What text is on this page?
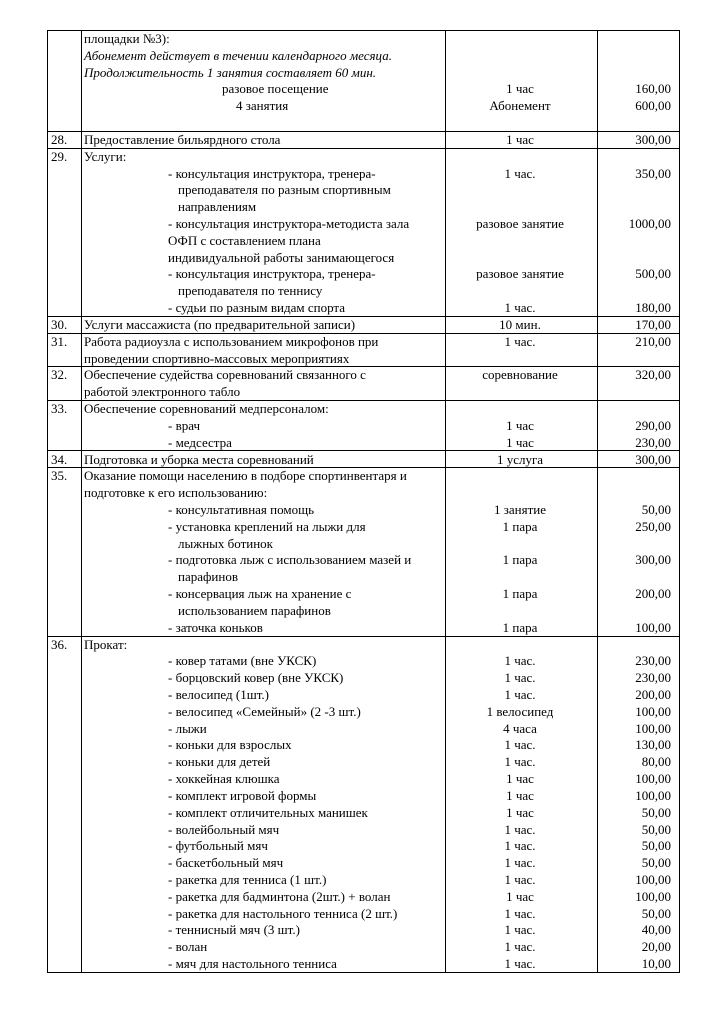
площадки №3):
Абонемент действует в течении календарного месяца.
Продолжительность 1 занятия составляет 60 мин.
разовое посещение	1 час	160,00
4 занятия	Абонемент	600,00
28. Предоставление бильярдного стола	1 час	300,00
29. Услуги:
- консультация инструктора, тренера-	1 час.	350,00
преподавателя по разным спортивным
направлениям
- консультация инструктора-методиста зала	разовое занятие	1000,00
ОФП с составлением плана
индивидуальной работы занимающегося
- консультация инструктора, тренера-	разовое занятие	500,00
преподавателя по теннису
- судьи по разным видам спорта	1 час.	180,00
30. Услуги массажиста (по предварительной записи)	10 мин.	170,00
31. Работа радиоузла с использованием микрофонов при	1 час.	210,00
проведении спортивно-массовых мероприятиях
32. Обеспечение судейства соревнований связанного с	соревнование	320,00
работой электронного табло
33. Обеспечение соревнований медперсоналом:
- врач	1 час	290,00
- медсестра	1 час	230,00
34. Подготовка и уборка места соревнований	1 услуга	300,00
35. Оказание помощи населению в подборе спортинвентаря и
подготовке к его использованию:
- консультативная помощь	1 занятие	50,00
- установка креплений на лыжи для	1 пара	250,00
лыжных ботинок
- подготовка лыж с использованием мазей и	1 пара	300,00
парафинов
- консервация лыж на хранение с	1 пара	200,00
использованием парафинов
- заточка коньков	1 пара	100,00
36. Прокат:
- ковер татами (вне УКСК)	1 час.	230,00
- борцовский ковер (вне УКСК)	1 час.	230,00
- велосипед (1шт.)	1 час.	200,00
- велосипед «Семейный» (2 -3 шт.)	1 велосипед	100,00
- лыжи	4 часа	100,00
- коньки для взрослых	1 час.	130,00
- коньки для детей	1 час.	80,00
- хоккейная клюшка	1 час	100,00
- комплект игровой формы	1 час	100,00
- комплект отличительных манишек	1 час	50,00
- волейбольный мяч	1 час.	50,00
- футбольный мяч	1 час.	50,00
- баскетбольный мяч	1 час.	50,00
- ракетка для тенниса (1 шт.)	1 час.	100,00
- ракетка для бадминтона (2шт.) + волан	1 час	100,00
- ракетка для настольного тенниса (2 шт.)	1 час.	50,00
- теннисный мяч (3 шт.)	1 час.	40,00
- волан	1 час.	20,00
- мяч для настольного тенниса	1 час.	10,00
